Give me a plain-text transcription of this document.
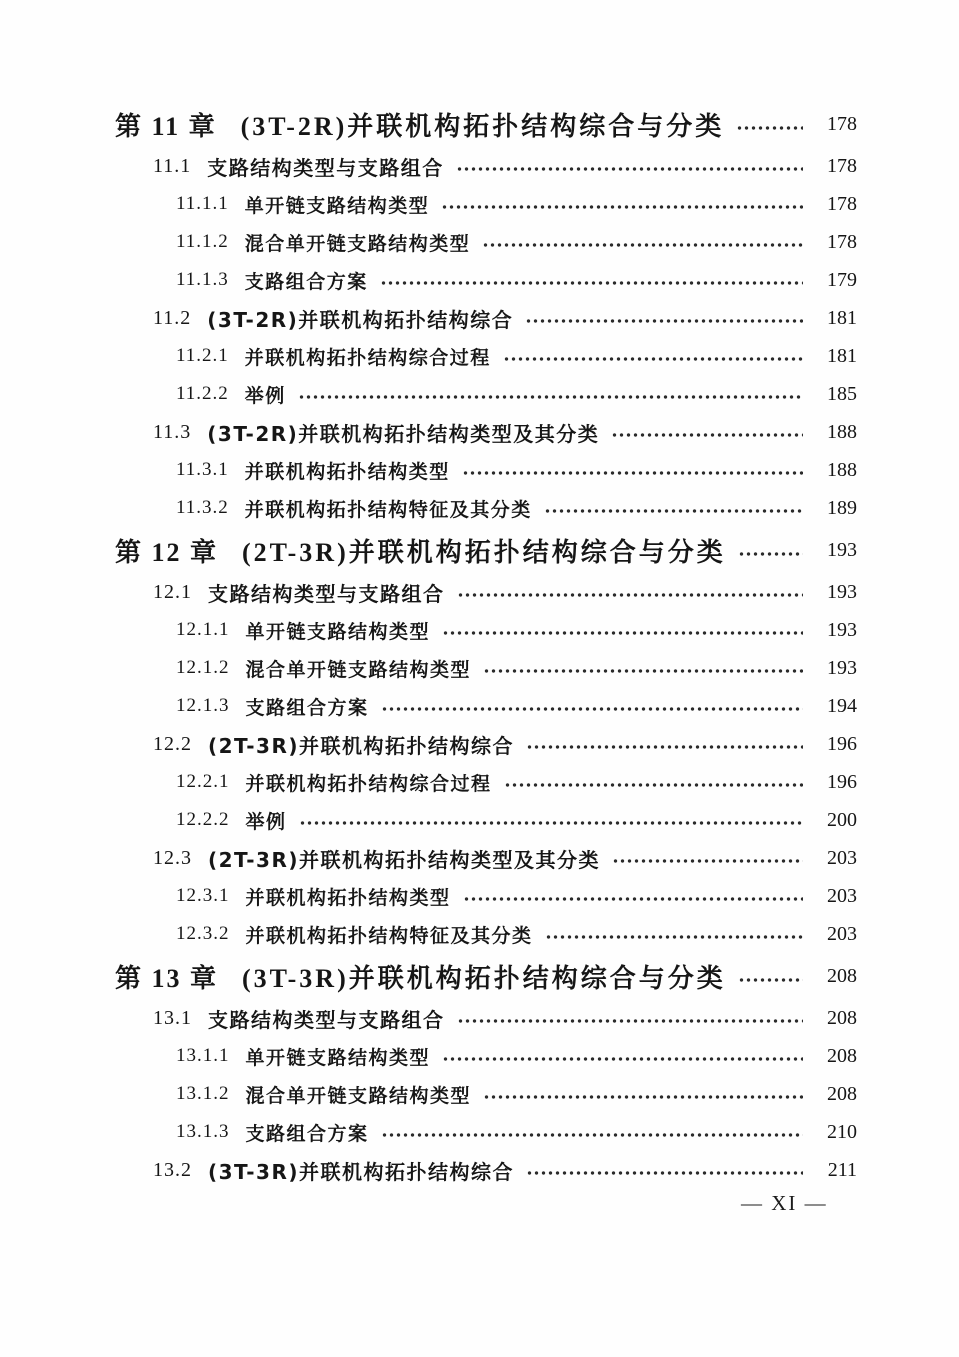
第 11 章 (3T-2R)并联机构拓扑结构综合与分类	178
11.1 支路结构类型与支路组合	178
11.1.1 单开链支路结构类型	178
11.1.2 混合单开链支路结构类型	178
11.1.3 支路组合方案	179
11.2 (3T-2R)并联机构拓扑结构综合	181
11.2.1 并联机构拓扑结构综合过程	181
11.2.2 举例	185
11.3 (3T-2R)并联机构拓扑结构类型及其分类	188
11.3.1 并联机构拓扑结构类型	188
11.3.2 并联机构拓扑结构特征及其分类	189
第 12 章 (2T-3R)并联机构拓扑结构综合与分类	193
12.1 支路结构类型与支路组合	193
12.1.1 单开链支路结构类型	193
12.1.2 混合单开链支路结构类型	193
12.1.3 支路组合方案	194
12.2 (2T-3R)并联机构拓扑结构综合	196
12.2.1 并联机构拓扑结构综合过程	196
12.2.2 举例	200
12.3 (2T-3R)并联机构拓扑结构类型及其分类	203
12.3.1 并联机构拓扑结构类型	203
12.3.2 并联机构拓扑结构特征及其分类	203
第 13 章 (3T-3R)并联机构拓扑结构综合与分类	208
13.1 支路结构类型与支路组合	208
13.1.1 单开链支路结构类型	208
13.1.2 混合单开链支路结构类型	208
13.1.3 支路组合方案	210
13.2 (3T-3R)并联机构拓扑结构综合	211
— XI —
